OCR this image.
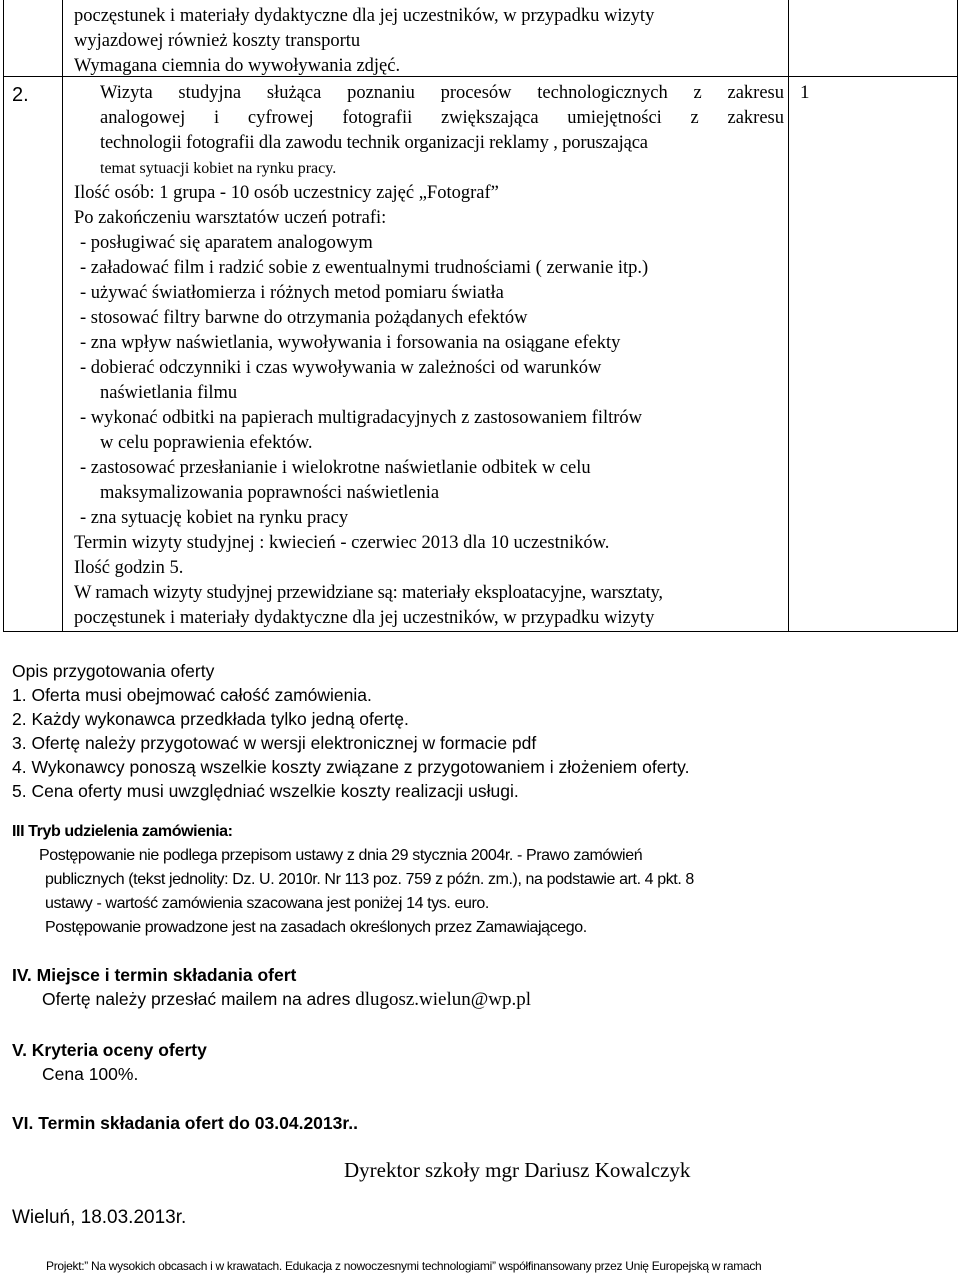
2.	1
poczęstunek i materiały dydaktyczne dla jej uczestników, w przypadku wizyty
wyjazdowej również koszty transportu
Wymagana ciemnia do wywoływania zdjęć.
Wizyta studyjna służąca poznaniu procesów technologicznych z zakresu
analogowej i cyfrowej fotografii zwiększająca umiejętności z zakresu
technologii fotografii dla zawodu technik organizacji reklamy , poruszająca
temat sytuacji kobiet na rynku pracy.
Ilość osób: 1 grupa - 10 osób uczestnicy zajęć „Fotograf”
Po zakończeniu warsztatów uczeń potrafi:
- posługiwać się aparatem analogowym
- załadować film i radzić sobie z ewentualnymi trudnościami ( zerwanie itp.)
- używać światłomierza i różnych metod pomiaru światła
- stosować filtry barwne do otrzymania pożądanych efektów
- zna wpływ naświetlania, wywoływania i forsowania na osiągane efekty
- dobierać odczynniki i czas wywoływania w zależności od warunków
naświetlania filmu
- wykonać odbitki na papierach multigradacyjnych z zastosowaniem filtrów
w celu poprawienia efektów.
- zastosować przesłanianie i wielokrotne naświetlanie odbitek w celu
maksymalizowania poprawności naświetlenia
- zna sytuację kobiet na rynku pracy
Termin wizyty studyjnej : kwiecień - czerwiec 2013 dla 10 uczestników.
Ilość godzin 5.
W ramach wizyty studyjnej przewidziane są: materiały eksploatacyjne, warsztaty,
poczęstunek i materiały dydaktyczne dla jej uczestników, w przypadku wizyty
Opis przygotowania oferty
1. Oferta musi obejmować całość zamówienia.
2. Każdy wykonawca przedkłada tylko jedną ofertę.
3. Ofertę należy przygotować w wersji elektronicznej w formacie pdf
4. Wykonawcy ponoszą wszelkie koszty związane z przygotowaniem i złożeniem oferty.
5. Cena oferty musi uwzględniać wszelkie koszty realizacji usługi.
III Tryb udzielenia zamówienia:
Postępowanie nie podlega przepisom ustawy z dnia 29 stycznia 2004r. - Prawo zamówień
publicznych (tekst jednolity: Dz. U. 2010r. Nr 113 poz. 759 z późn. zm.), na podstawie art. 4 pkt. 8
ustawy - wartość zamówienia szacowana jest poniżej 14 tys. euro.
Postępowanie prowadzone jest na zasadach określonych przez Zamawiającego.
IV. Miejsce i termin składania ofert
Ofertę należy przesłać mailem na adres dlugosz.wielun@wp.pl
V. Kryteria oceny oferty
Cena 100%.
VI. Termin składania ofert do 03.04.2013r..
Dyrektor szkoły mgr Dariusz Kowalczyk
Wieluń, 18.03.2013r.
Projekt:” Na wysokich obcasach i w krawatach. Edukacja z nowoczesnymi technologiami” współfinansowany przez Unię Europejską w ramach
